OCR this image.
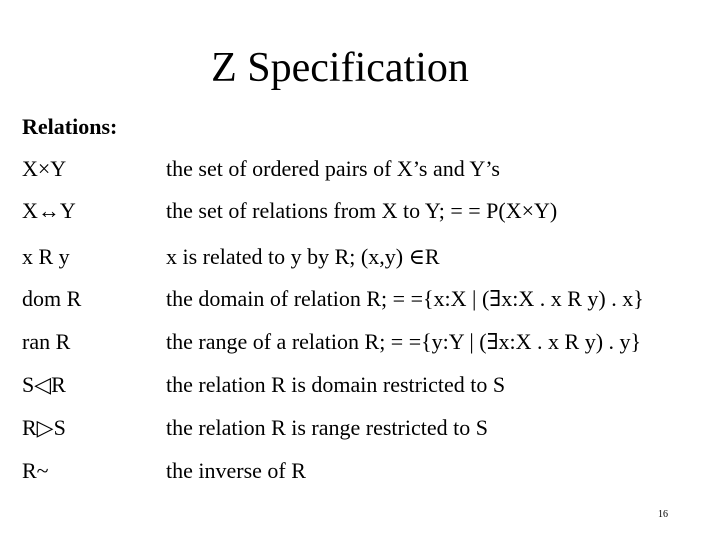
Z Specification
Relations:
X×Y	the set of ordered pairs of X’s and Y’s
X↔Y	the set of relations from X to Y; = = P(X×Y)
x R y	x is related to y by R; (x,y) ∈R
dom R	the domain of relation R; = ={x:X | (∃x:X . x R y) . x}
ran R	the range of a relation R; = ={y:Y | (∃x:X . x R y) . y}
S◁R	the relation R is domain restricted to S
R▷S	the relation R is range restricted to S
R~	the inverse of R
16
